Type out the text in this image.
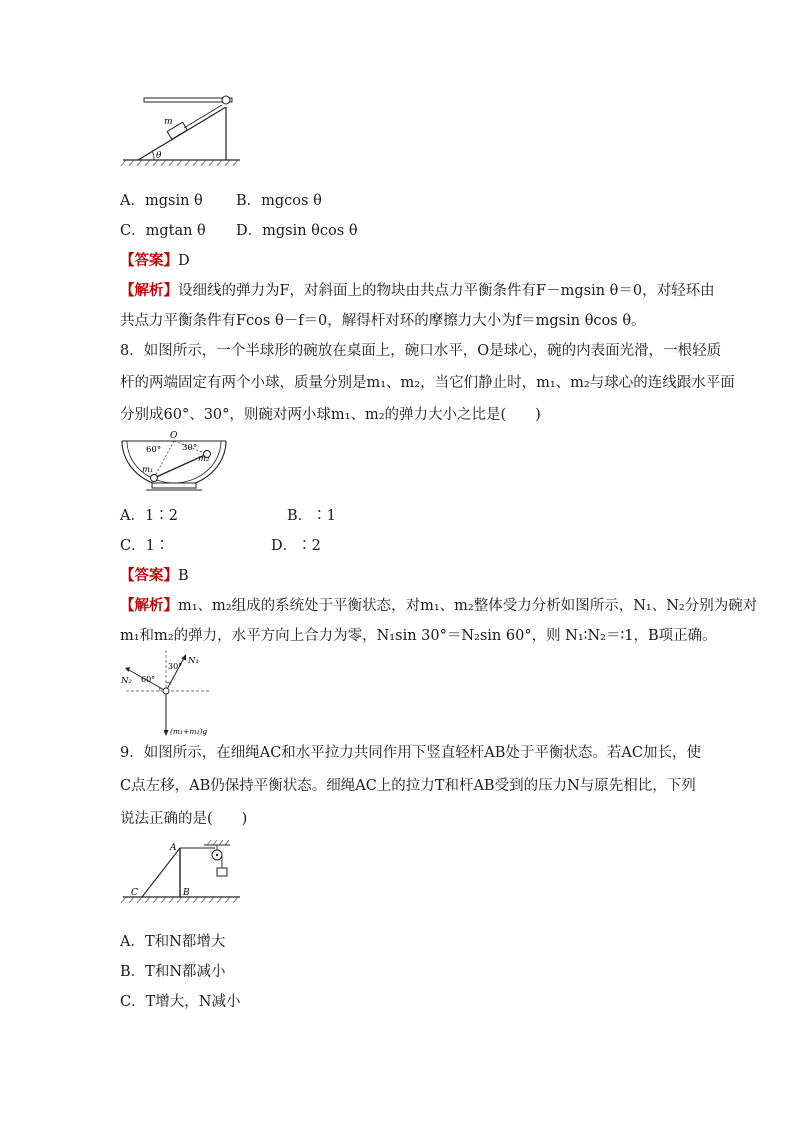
m
θ
A．mgsin θ B．mgcos θ
C．mgtan θ D．mgsin θcos θ
【答案】D
【解析】设细线的弹力为F，对斜面上的物块由共点力平衡条件有F－mgsin θ＝0，对轻环由
共点力平衡条件有Fcos θ－f＝0，解得杆对环的摩擦力大小为f＝mgsin θcos θ。
8．如图所示，一个半球形的碗放在桌面上，碗口水平，O是球心，碗的内表面光滑，一根轻质
杆的两端固定有两个小球，质量分别是m₁、m₂，当它们静止时，m₁、m₂与球心的连线跟水平面
分别成60°、30°，则碗对两小球m₁、m₂的弹力大小之比是(　　)
O
60° 30°
m₁
m₂
A．1∶2	B．∶1
C．1∶	D．∶2
【答案】B
【解析】m₁、m₂组成的系统处于平衡状态，对m₁、m₂整体受力分析如图所示，N₁、N₂分别为碗对
m₁和m₂的弹力，水平方向上合力为零，N₁sin 30°＝N₂sin 60°，则 N₁∶N₂＝∶1，B项正确。
N₁
N₂
30°
60°
(m₁+m₂)g
9．如图所示，在细绳AC和水平拉力共同作用下竖直轻杆AB处于平衡状态。若AC加长，使
C点左移，AB仍保持平衡状态。细绳AC上的拉力T和杆AB受到的压力N与原先相比，下列
说法正确的是(　　)
A
B
C
A．T和N都增大
B．T和N都减小
C．T增大，N减小
